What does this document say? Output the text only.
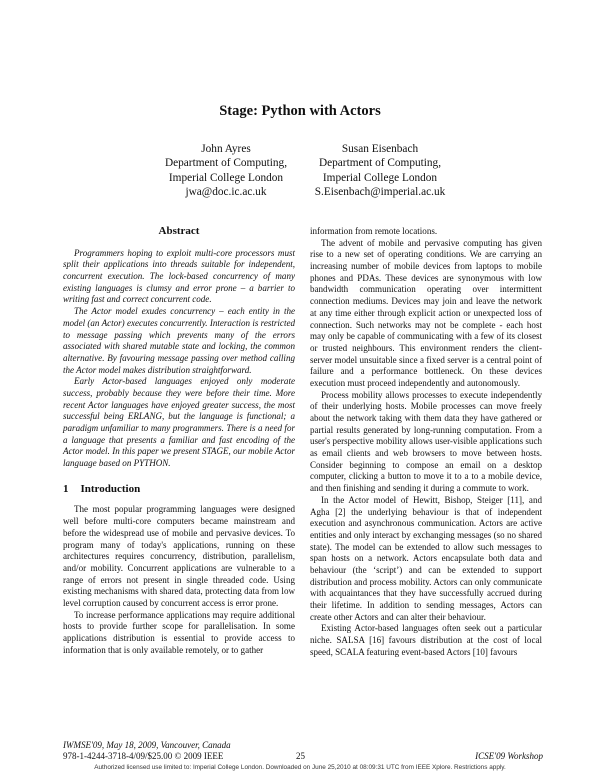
Stage: Python with Actors
John Ayres
Department of Computing,
Imperial College London
jwa@doc.ic.ac.uk
Susan Eisenbach
Department of Computing,
Imperial College London
S.Eisenbach@imperial.ac.uk
Abstract

Programmers hoping to exploit multi-core processors must split their applications into threads suitable for independent, concurrent execution. The lock-based concurrency of many existing languages is clumsy and error prone – a barrier to writing fast and correct concurrent code.

The Actor model exudes concurrency – each entity in the model (an Actor) executes concurrently. Interaction is restricted to message passing which prevents many of the errors associated with shared mutable state and locking, the common alternative. By favouring message passing over method calling the Actor model makes distribution straightforward.

Early Actor-based languages enjoyed only moderate success, probably because they were before their time. More recent Actor languages have enjoyed greater success, the most successful being ERLANG, but the language is functional; a paradigm unfamiliar to many programmers. There is a need for a language that presents a familiar and fast encoding of the Actor model. In this paper we present STAGE, our mobile Actor language based on PYTHON.

1 Introduction

The most popular programming languages were designed well before multi-core computers became mainstream and before the widespread use of mobile and pervasive devices. To program many of today's applications, running on these architectures requires concurrency, distribution, parallelism, and/or mobility. Concurrent applications are vulnerable to a range of errors not present in single threaded code. Using existing mechanisms with shared data, protecting data from low level corruption caused by concurrent access is error prone.

To increase performance applications may require additional hosts to provide further scope for parallelisation. In some applications distribution is essential to provide access to information that is only available remotely, or to gather

information from remote locations.

The advent of mobile and pervasive computing has given rise to a new set of operating conditions. We are carrying an increasing number of mobile devices from laptops to mobile phones and PDAs. These devices are synonymous with low bandwidth communication operating over intermittent connection mediums. Devices may join and leave the network at any time either through explicit action or unexpected loss of connection. Such networks may not be complete - each host may only be capable of communicating with a few of its closest or trusted neighbours. This environment renders the client-server model unsuitable since a fixed server is a central point of failure and a performance bottleneck. On these devices execution must proceed independently and autonomously.

Process mobility allows processes to execute independently of their underlying hosts. Mobile processes can move freely about the network taking with them data they have gathered or partial results generated by long-running computation. From a user's perspective mobility allows user-visible applications such as email clients and web browsers to move between hosts. Consider beginning to compose an email on a desktop computer, clicking a button to move it to a to a mobile device, and then finishing and sending it during a commute to work.

In the Actor model of Hewitt, Bishop, Steiger [11], and Agha [2] the underlying behaviour is that of independent execution and asynchronous communication. Actors are active entities and only interact by exchanging messages (so no shared state). The model can be extended to allow such messages to span hosts on a network. Actors encapsulate both data and behaviour (the ‘script’) and can be extended to support distribution and process mobility. Actors can only communicate with acquaintances that they have successfully accrued during their lifetime. In addition to sending messages, Actors can create other Actors and can alter their behaviour.

Existing Actor-based languages often seek out a particular niche. SALSA [16] favours distribution at the cost of local speed, SCALA featuring event-based Actors [10] favours

IWMSE'09, May 18, 2009, Vancouver, Canada
978-1-4244-3718-4/09/$25.00 © 2009 IEEE	25	ICSE'09 Workshop
Authorized licensed use limited to: Imperial College London. Downloaded on June 25,2010 at 08:09:31 UTC from IEEE Xplore. Restrictions apply.
